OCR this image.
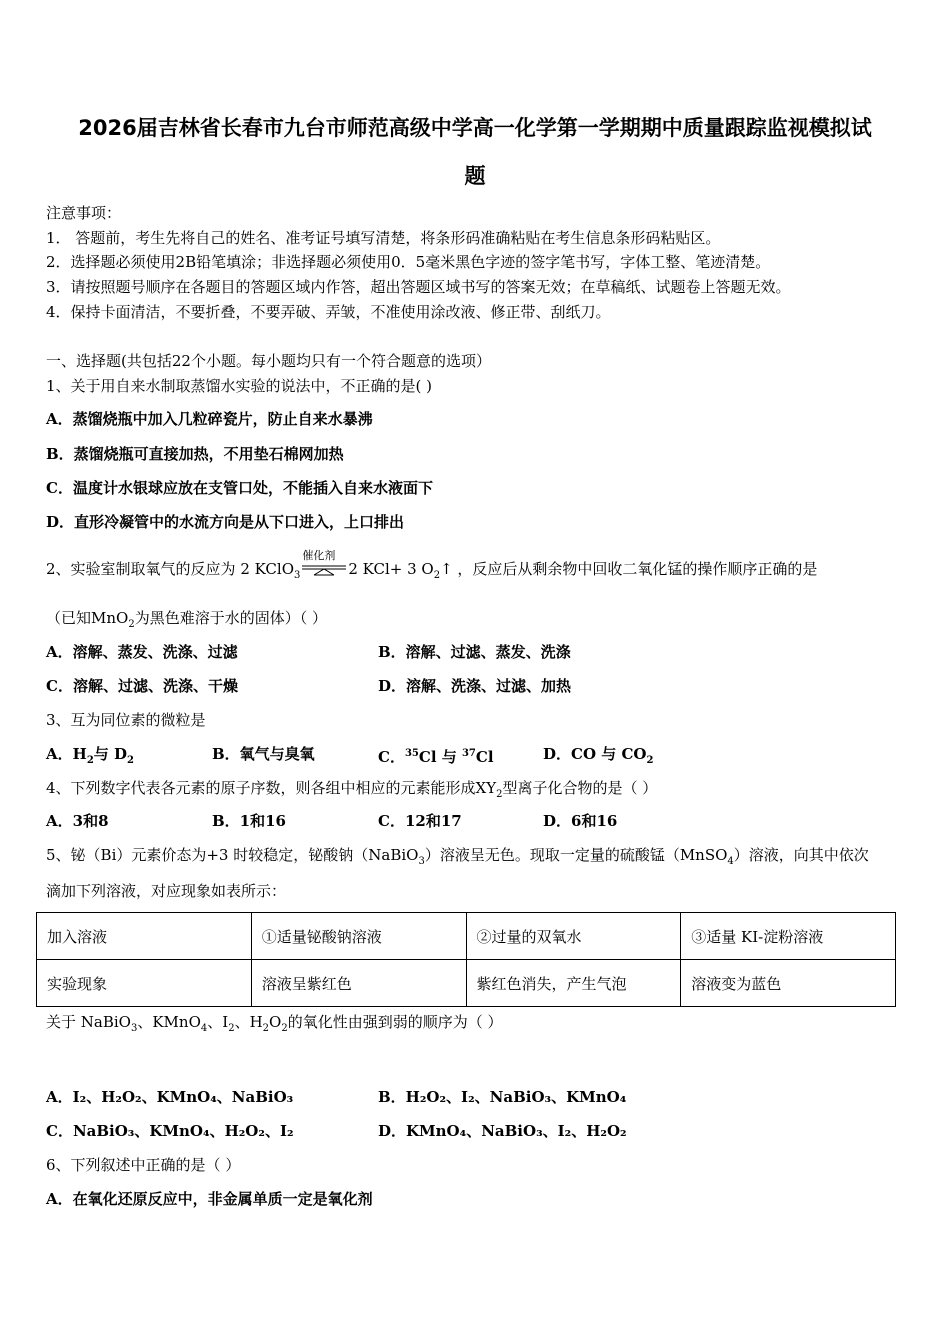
2026届吉林省长春市九台市师范高级中学高一化学第一学期期中质量跟踪监视模拟试
题
注意事项：
1． 答题前，考生先将自己的姓名、准考证号填写清楚，将条形码准确粘贴在考生信息条形码粘贴区。
2．选择题必须使用2B铅笔填涂；非选择题必须使用0．5毫米黑色字迹的签字笔书写，字体工整、笔迹清楚。
3．请按照题号顺序在各题目的答题区域内作答，超出答题区域书写的答案无效；在草稿纸、试题卷上答题无效。
4．保持卡面清洁，不要折叠，不要弄破、弄皱，不准使用涂改液、修正带、刮纸刀。
一、选择题(共包括22个小题。每小题均只有一个符合题意的选项）
1、关于用自来水制取蒸馏水实验的说法中，不正确的是( )
A．蒸馏烧瓶中加入几粒碎瓷片，防止自来水暴沸
B．蒸馏烧瓶可直接加热，不用垫石棉网加热
C．温度计水银球应放在支管口处，不能插入自来水液面下
D．直形冷凝管中的水流方向是从下口进入，上口排出
2、实验室制取氧气的反应为 2 KClO$_3$
催化剂
2 KCl+ 3 $O_2↑$ ，反应后从剩余物中回收二氧化锰的操作顺序正确的是
（已知MnO$_2$为黑色难溶于水的固体）（ ）
A．溶解、蒸发、洗涤、过滤	B．溶解、过滤、蒸发、洗涤
C．溶解、过滤、洗涤、干燥	D．溶解、洗涤、过滤、加热
3、互为同位素的微粒是
A．$H_2$与 $D_2$	B．氧气与臭氧	C．$^{35}$Cl 与 $^{37}$Cl	D．CO 与 $CO_2$
4、下列数字代表各元素的原子序数，则各组中相应的元素能形成$XY_2$型离子化合物的是（ ）
A．3和8	B．1和16	C．12和17	D．6和16
5、铋（Bi）元素价态为+3 时较稳定，铋酸钠（NaBiO$_3$）溶液呈无色。现取一定量的硫酸锰（MnSO$_4$）溶液，向其中依次
滴加下列溶液，对应现象如表所示：
加入溶液	①适量铋酸钠溶液	②过量的双氧水	③适量 KI-淀粉溶液
实验现象	溶液呈紫红色	紫红色消失，产生气泡	溶液变为蓝色
关于 NaBiO$_3$、KMnO$_4$、$I_2$、$H_2O_2$的氧化性由强到弱的顺序为（ ）
A．I₂、H₂O₂、KMnO₄、NaBiO₃	B．H₂O₂、I₂、NaBiO₃、KMnO₄
C．NaBiO₃、KMnO₄、H₂O₂、I₂	D．KMnO₄、NaBiO₃、I₂、H₂O₂
6、下列叙述中正确的是（ ）
A．在氧化还原反应中，非金属单质一定是氧化剂
